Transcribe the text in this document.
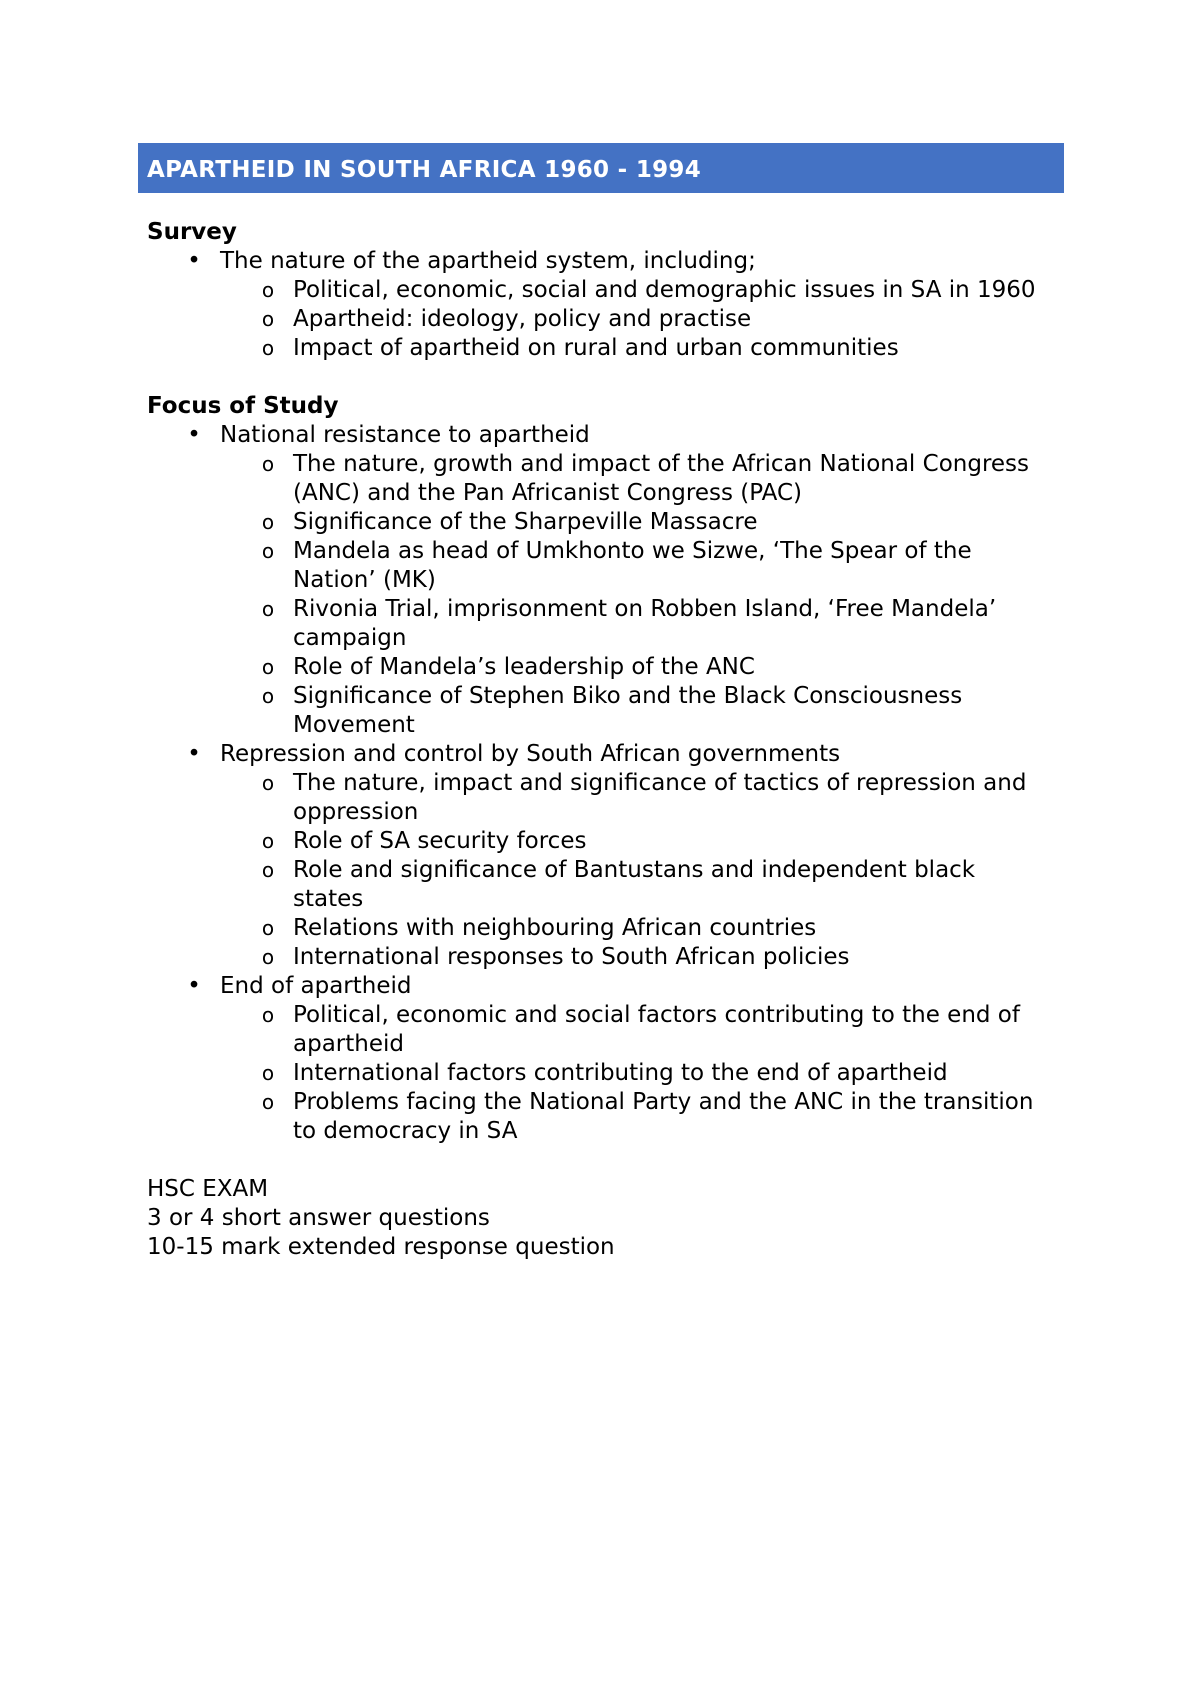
APARTHEID IN SOUTH AFRICA 1960 - 1994

Survey

• The nature of the apartheid system, including;
o Political, economic, social and demographic issues in SA in 1960
o Apartheid: ideology, policy and practise
o Impact of apartheid on rural and urban communities

Focus of Study

• National resistance to apartheid
o The nature, growth and impact of the African National Congress (ANC) and the Pan Africanist Congress (PAC)
o Significance of the Sharpeville Massacre
o Mandela as head of Umkhonto we Sizwe, ‘The Spear of the Nation’ (MK)
o Rivonia Trial, imprisonment on Robben Island, ‘Free Mandela’ campaign
o Role of Mandela’s leadership of the ANC
o Significance of Stephen Biko and the Black Consciousness Movement
• Repression and control by South African governments
o The nature, impact and significance of tactics of repression and oppression
o Role of SA security forces
o Role and significance of Bantustans and independent black states
o Relations with neighbouring African countries
o International responses to South African policies
• End of apartheid
o Political, economic and social factors contributing to the end of apartheid
o International factors contributing to the end of apartheid
o Problems facing the National Party and the ANC in the transition to democracy in SA

HSC EXAM

3 or 4 short answer questions

10-15 mark extended response question
